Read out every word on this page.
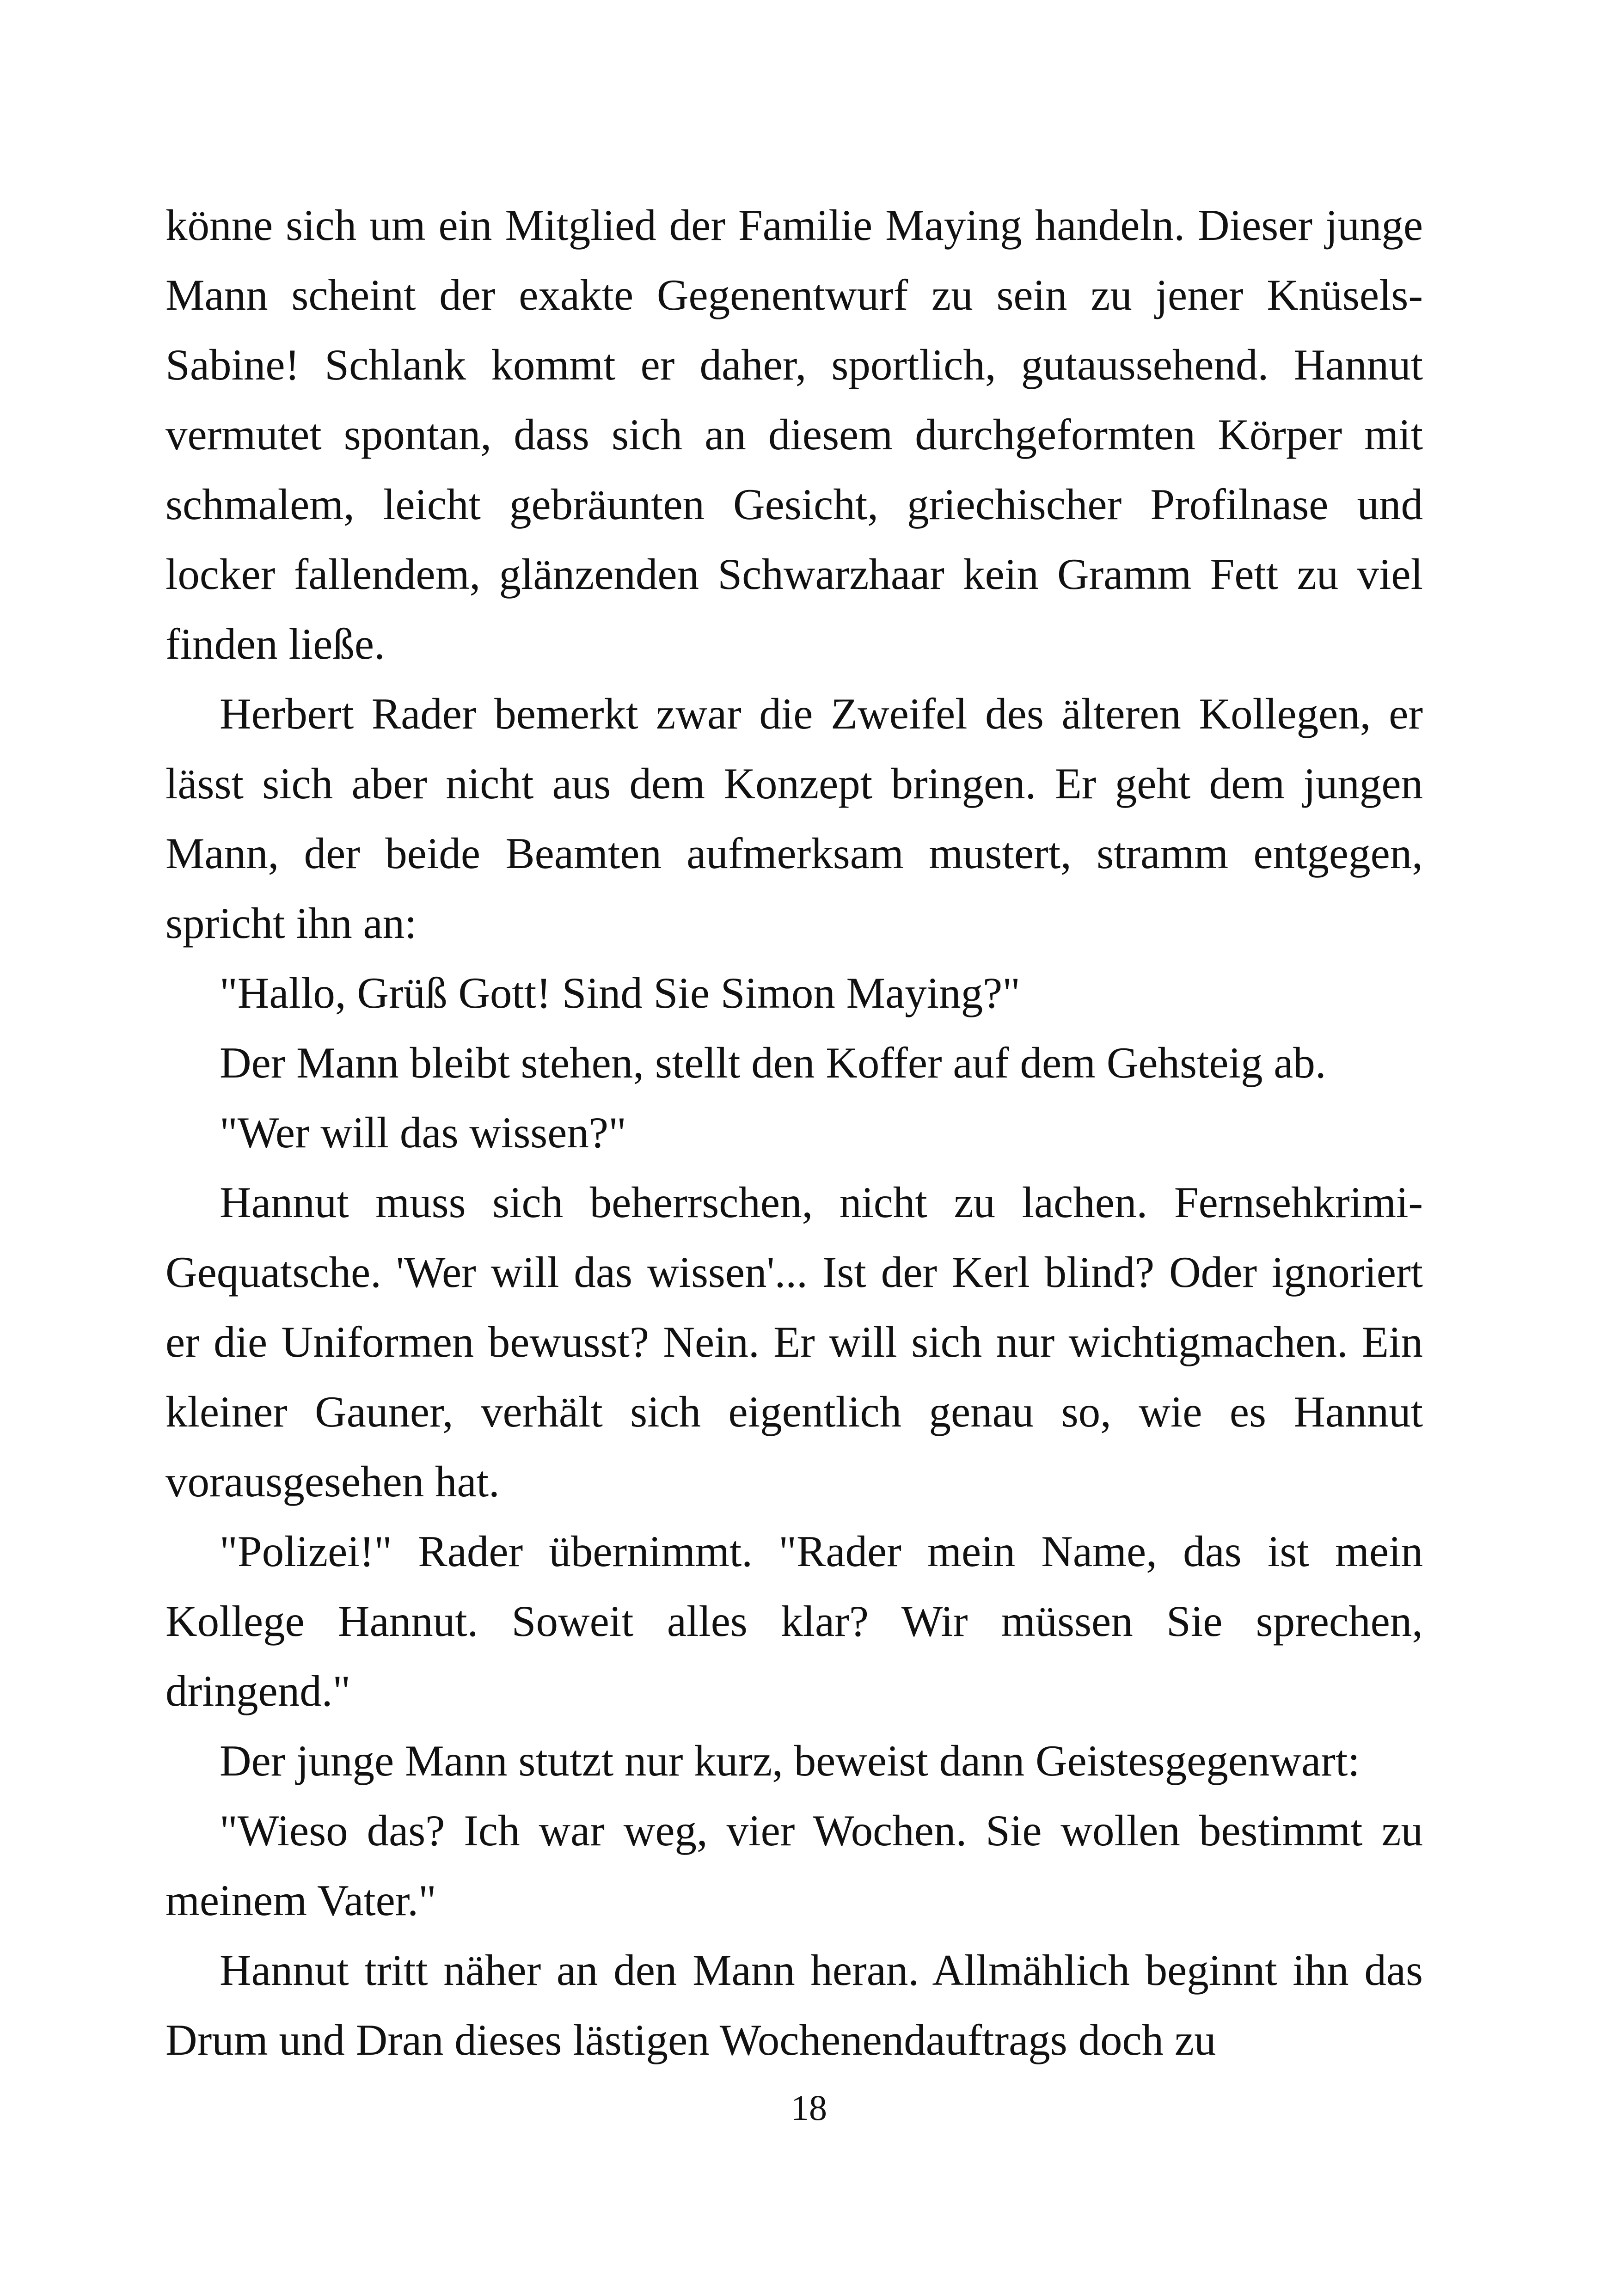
könne sich um ein Mitglied der Familie Maying handeln. Dieser junge Mann scheint der exakte Gegenentwurf zu sein zu jener Knüsels-Sabine! Schlank kommt er daher, sportlich, gutaussehend. Hannut vermutet spontan, dass sich an diesem durchgeformten Körper mit schmalem, leicht gebräunten Gesicht, griechischer Profilnase und locker fallendem, glänzenden Schwarzhaar kein Gramm Fett zu viel finden ließe.

Herbert Rader bemerkt zwar die Zweifel des älteren Kollegen, er lässt sich aber nicht aus dem Konzept bringen. Er geht dem jungen Mann, der beide Beamten aufmerksam mustert, stramm entgegen, spricht ihn an:

"Hallo, Grüß Gott! Sind Sie Simon Maying?"

Der Mann bleibt stehen, stellt den Koffer auf dem Gehsteig ab.

"Wer will das wissen?"

Hannut muss sich beherrschen, nicht zu lachen. Fernsehkrimi-Gequatsche. 'Wer will das wissen'... Ist der Kerl blind? Oder ignoriert er die Uniformen bewusst? Nein. Er will sich nur wichtigmachen. Ein kleiner Gauner, verhält sich eigentlich genau so, wie es Hannut vorausgesehen hat.

"Polizei!" Rader übernimmt. "Rader mein Name, das ist mein Kollege Hannut. Soweit alles klar? Wir müssen Sie sprechen, dringend."

Der junge Mann stutzt nur kurz, beweist dann Geistesgegenwart:

"Wieso das? Ich war weg, vier Wochen. Sie wollen bestimmt zu meinem Vater."

Hannut tritt näher an den Mann heran. Allmählich beginnt ihn das Drum und Dran dieses lästigen Wochenendauftrags doch zu

18
